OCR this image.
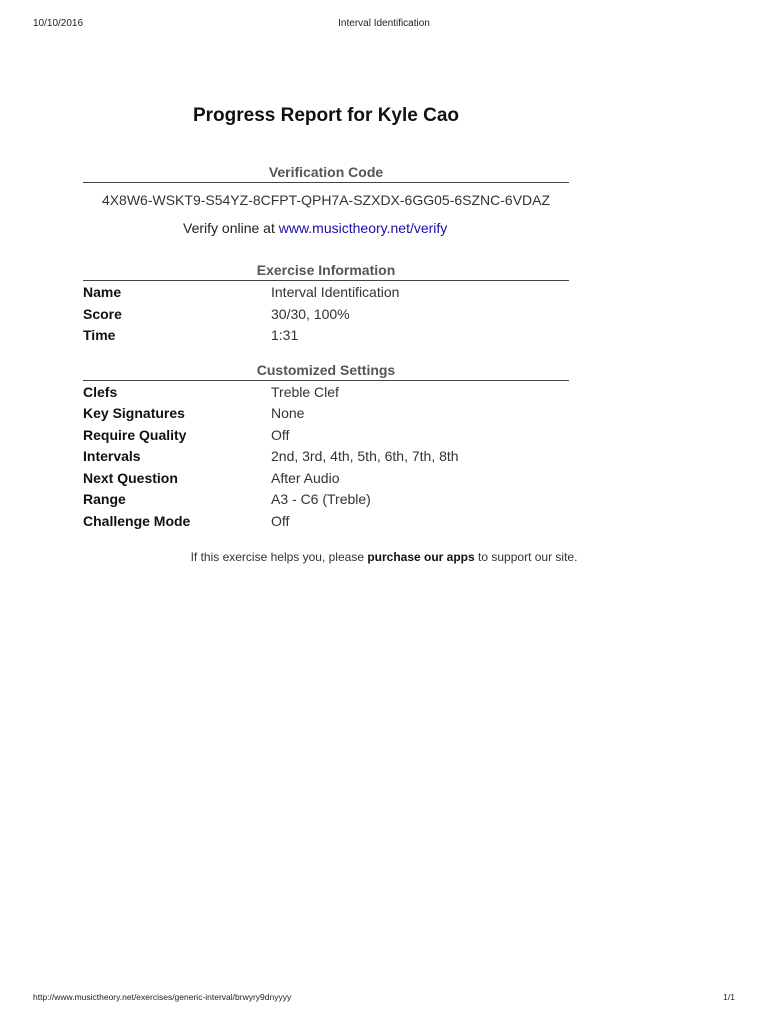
10/10/2016	Interval Identification
Progress Report for Kyle Cao
Verification Code
4X8W6-WSKT9-S54YZ-8CFPT-QPH7A-SZXDX-6GG05-6SZNC-6VDAZ
Verify online at www.musictheory.net/verify
Exercise Information
Name	Interval Identification
Score	30/30, 100%
Time	1:31
Customized Settings
Clefs	Treble Clef
Key Signatures	None
Require Quality	Off
Intervals	2nd, 3rd, 4th, 5th, 6th, 7th, 8th
Next Question	After Audio
Range	A3 - C6 (Treble)
Challenge Mode	Off
If this exercise helps you, please purchase our apps to support our site.
http://www.musictheory.net/exercises/generic-interval/brwyry9dnyyyy	1/1
